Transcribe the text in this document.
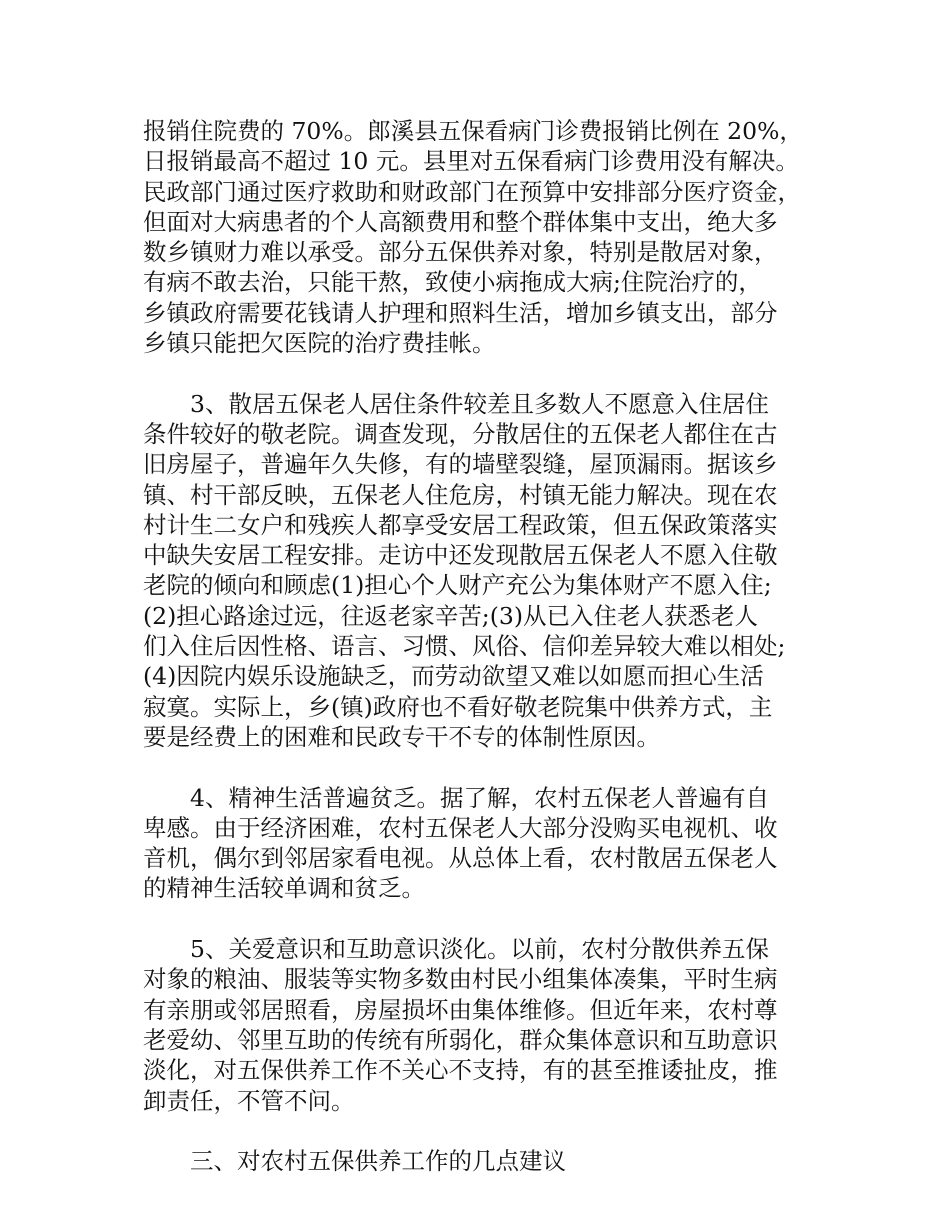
报销住院费的 70%。郎溪县五保看病门诊费报销比例在 20%，
日报销最高不超过 10 元。县里对五保看病门诊费用没有解决。
民政部门通过医疗救助和财政部门在预算中安排部分医疗资金，
但面对大病患者的个人高额费用和整个群体集中支出，绝大多
数乡镇财力难以承受。部分五保供养对象，特别是散居对象，
有病不敢去治，只能干熬，致使小病拖成大病;住院治疗的，
乡镇政府需要花钱请人护理和照料生活，增加乡镇支出，部分
乡镇只能把欠医院的治疗费挂帐。
3、散居五保老人居住条件较差且多数人不愿意入住居住
条件较好的敬老院。调查发现，分散居住的五保老人都住在古
旧房屋子，普遍年久失修，有的墙壁裂缝，屋顶漏雨。据该乡
镇、村干部反映，五保老人住危房，村镇无能力解决。现在农
村计生二女户和残疾人都享受安居工程政策，但五保政策落实
中缺失安居工程安排。走访中还发现散居五保老人不愿入住敬
老院的倾向和顾虑(1)担心个人财产充公为集体财产不愿入住;
(2)担心路途过远，往返老家辛苦;(3)从已入住老人获悉老人
们入住后因性格、语言、习惯、风俗、信仰差异较大难以相处;
(4)因院内娱乐设施缺乏，而劳动欲望又难以如愿而担心生活
寂寞。实际上，乡(镇)政府也不看好敬老院集中供养方式，主
要是经费上的困难和民政专干不专的体制性原因。
4、精神生活普遍贫乏。据了解，农村五保老人普遍有自
卑感。由于经济困难，农村五保老人大部分没购买电视机、收
音机，偶尔到邻居家看电视。从总体上看，农村散居五保老人
的精神生活较单调和贫乏。
5、关爱意识和互助意识淡化。以前，农村分散供养五保
对象的粮油、服装等实物多数由村民小组集体凑集，平时生病
有亲朋或邻居照看，房屋损坏由集体维修。但近年来，农村尊
老爱幼、邻里互助的传统有所弱化，群众集体意识和互助意识
淡化，对五保供养工作不关心不支持，有的甚至推诿扯皮，推
卸责任，不管不问。
三、对农村五保供养工作的几点建议
